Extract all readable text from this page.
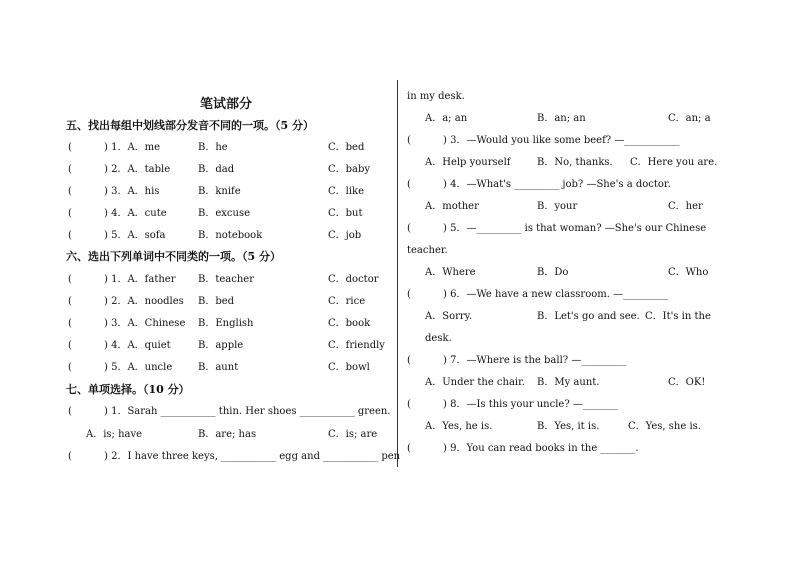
笔试部分
五、找出每组中划线部分发音不同的一项。（5 分）
(	) 1．A．me	B．he	C．bed
(	) 2．A．table	B．dad	C．baby
(	) 3．A．his	B．knife	C．like
(	) 4．A．cute	B．excuse	C．but
(	) 5．A．sofa	B．notebook	C．job
六、选出下列单词中不同类的一项。（5 分）
(	) 1．A．father B．teacher	C．doctor
(	) 2．A．noodles B．bed	C．rice
(	) 3．A．Chinese B．English	C．book
(	) 4．A．quiet	B．apple	C．friendly
(	) 5．A．uncle	B．aunt	C．bowl
七、单项选择。（10 分）
(	) 1．Sarah ___________ thin. Her shoes ___________ green.
A．is; have	B．are; has	C．is; are
(	) 2．I have three keys, ___________ egg and ___________ pen
in my desk.
A．a; an	B．an; an	C．an; a
(	) 3．—Would you like some beef? —___________
A．Help yourself	B．No, thanks. C．Here you are.
(	) 4．—What's _________ job? —She's a doctor.
A．mother	B．your	C．her
(	) 5．—_________ is that woman? —She's our Chinese
teacher.
A．Where	B．Do	C．Who
(	) 6．—We have a new classroom. —_________
A．Sorry.	B．Let's go and see. C．It's in the
desk.
(	) 7．—Where is the ball? —_________
A．Under the chair. B．My aunt.	C．OK!
(	) 8．—Is this your uncle? —_______
A．Yes, he is.	B．Yes, it is.	C．Yes, she is.
(	) 9．You can read books in the _______.
